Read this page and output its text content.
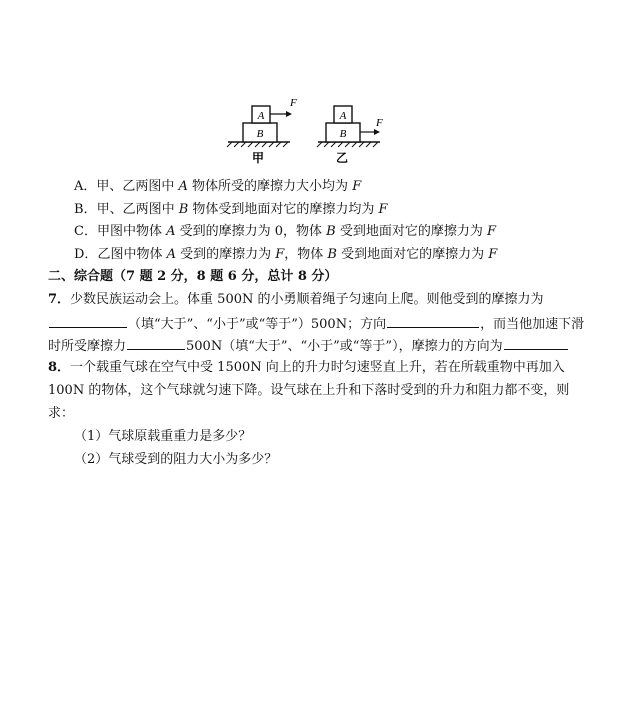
B
A
F
甲
B
A
F
乙
A．甲、乙两图中 A 物体所受的摩擦力大小均为 F
B．甲、乙两图中 B 物体受到地面对它的摩擦力均为 F
C．甲图中物体 A 受到的摩擦力为 0，物体 B 受到地面对它的摩擦力为 F
D．乙图中物体 A 受到的摩擦力为 F，物体 B 受到地面对它的摩擦力为 F
二、综合题（7 题 2 分，8 题 6 分，总计 8 分）
7．少数民族运动会上。体重 500N 的小勇顺着绳子匀速向上爬。则他受到的摩擦力为
（填“大于”、“小于”或“等于”）500N；方向	，而当他加速下滑
时所受摩擦力	500N（填“大于”、“小于”或“等于”），摩擦力的方向为
8．一个载重气球在空气中受 1500N 向上的升力时匀速竖直上升，若在所载重物中再加入
100N 的物体，这个气球就匀速下降。设气球在上升和下落时受到的升力和阻力都不变，则
求：
（1）气球原载重重力是多少？
（2）气球受到的阻力大小为多少？
